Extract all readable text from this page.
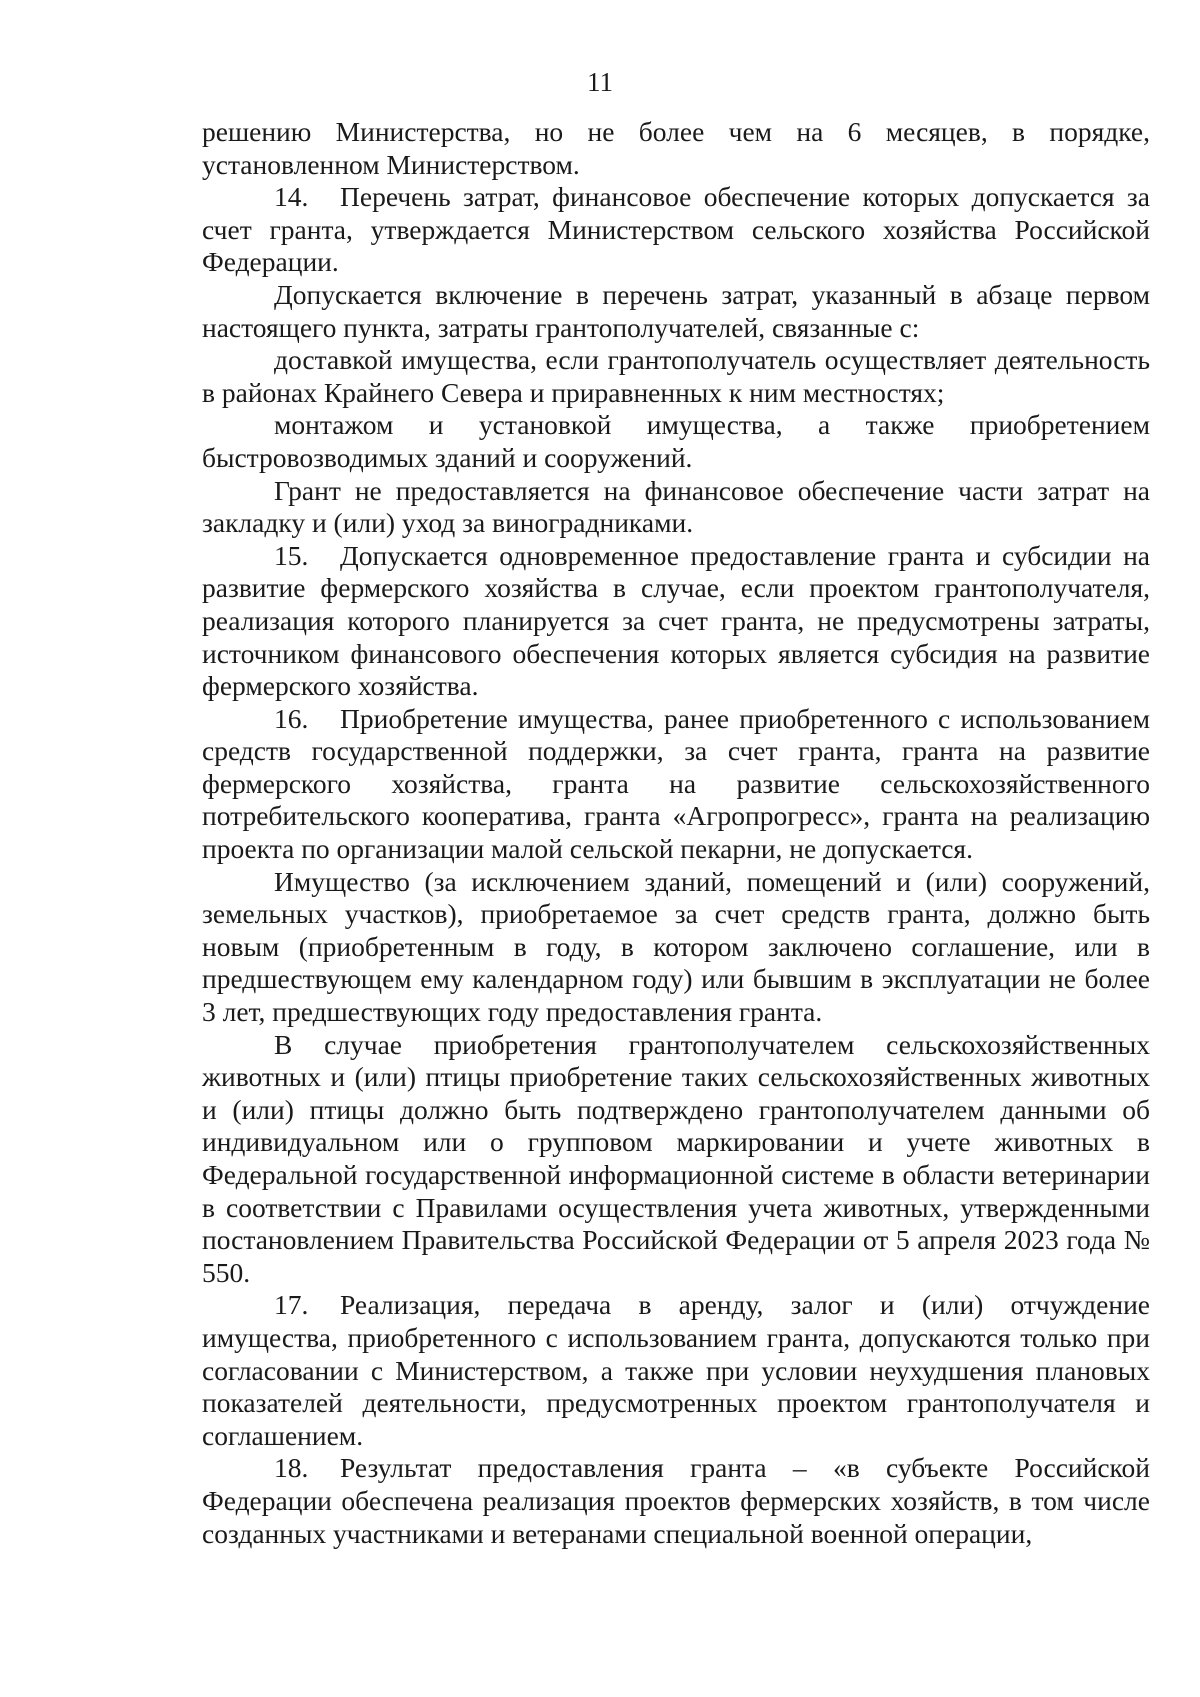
11

решению Министерства, но не более чем на 6 месяцев, в порядке, установленном Министерством.

14. Перечень затрат, финансовое обеспечение которых допускается за счет гранта, утверждается Министерством сельского хозяйства Российской Федерации.

Допускается включение в перечень затрат, указанный в абзаце первом настоящего пункта, затраты грантополучателей, связанные с:

доставкой имущества, если грантополучатель осуществляет деятельность в районах Крайнего Севера и приравненных к ним местностях;

монтажом и установкой имущества, а также приобретением быстровозводимых зданий и сооружений.

Грант не предоставляется на финансовое обеспечение части затрат на закладку и (или) уход за виноградниками.

15. Допускается одновременное предоставление гранта и субсидии на развитие фермерского хозяйства в случае, если проектом грантополучателя, реализация которого планируется за счет гранта, не предусмотрены затраты, источником финансового обеспечения которых является субсидия на развитие фермерского хозяйства.

16. Приобретение имущества, ранее приобретенного с использованием средств государственной поддержки, за счет гранта, гранта на развитие фермерского хозяйства, гранта на развитие сельскохозяйственного потребительского кооператива, гранта «Агропрогресс», гранта на реализацию проекта по организации малой сельской пекарни, не допускается.

Имущество (за исключением зданий, помещений и (или) сооружений, земельных участков), приобретаемое за счет средств гранта, должно быть новым (приобретенным в году, в котором заключено соглашение, или в предшествующем ему календарном году) или бывшим в эксплуатации не более 3 лет, предшествующих году предоставления гранта.

В случае приобретения грантополучателем сельскохозяйственных животных и (или) птицы приобретение таких сельскохозяйственных животных и (или) птицы должно быть подтверждено грантополучателем данными об индивидуальном или о групповом маркировании и учете животных в Федеральной государственной информационной системе в области ветеринарии в соответствии с Правилами осуществления учета животных, утвержденными постановлением Правительства Российской Федерации от 5 апреля 2023 года № 550.

17. Реализация, передача в аренду, залог и (или) отчуждение имущества, приобретенного с использованием гранта, допускаются только при согласовании с Министерством, а также при условии неухудшения плановых показателей деятельности, предусмотренных проектом грантополучателя и соглашением.

18. Результат предоставления гранта – «в субъекте Российской Федерации обеспечена реализация проектов фермерских хозяйств, в том числе созданных участниками и ветеранами специальной военной операции,
